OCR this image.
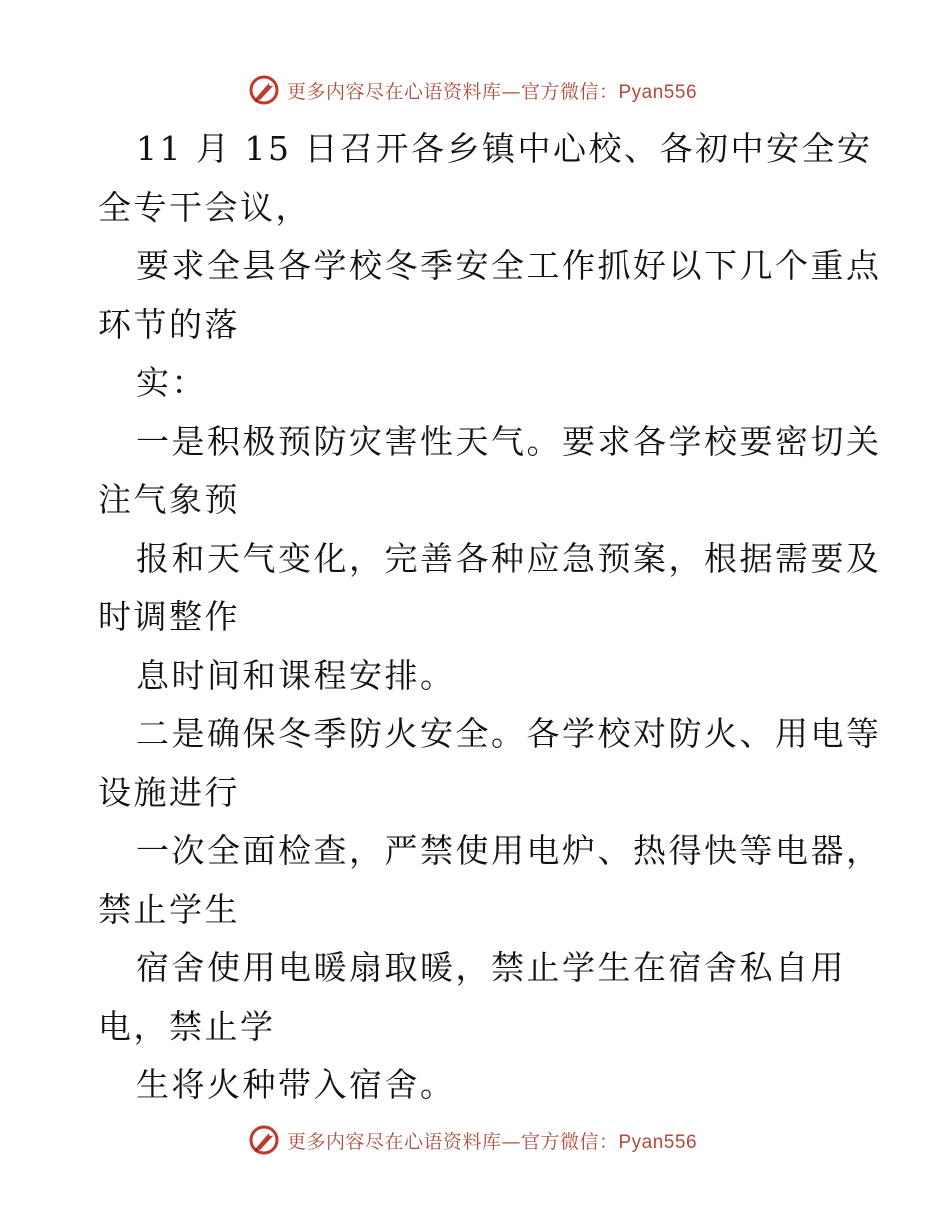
更多内容尽在心语资料库—官方微信：Pyan556
11 月 15 日召开各乡镇中心校、各初中安全安
全专干会议，
要求全县各学校冬季安全工作抓好以下几个重点
环节的落
实：
一是积极预防灾害性天气。要求各学校要密切关
注气象预
报和天气变化，完善各种应急预案，根据需要及
时调整作
息时间和课程安排。
二是确保冬季防火安全。各学校对防火、用电等
设施进行
一次全面检查，严禁使用电炉、热得快等电器，
禁止学生
宿舍使用电暖扇取暖，禁止学生在宿舍私自用
电，禁止学
生将火种带入宿舍。
更多内容尽在心语资料库—官方微信：Pyan556
